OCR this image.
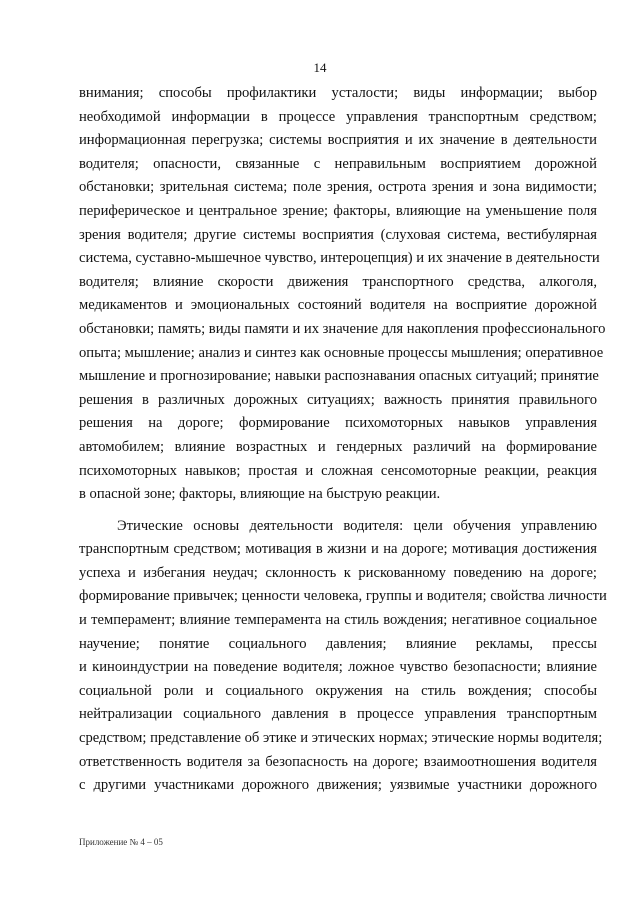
14
внимания; способы профилактики усталости; виды информации; выбор
необходимой информации в процессе управления транспортным средством;
информационная перегрузка; системы восприятия и их значение в деятельности
водителя; опасности, связанные с неправильным восприятием дорожной
обстановки; зрительная система; поле зрения, острота зрения и зона видимости;
периферическое и центральное зрение; факторы, влияющие на уменьшение поля
зрения водителя; другие системы восприятия (слуховая система, вестибулярная
система, суставно-мышечное чувство, интероцепция) и их значение в деятельности
водителя; влияние скорости движения транспортного средства, алкоголя,
медикаментов и эмоциональных состояний водителя на восприятие дорожной
обстановки; память; виды памяти и их значение для накопления профессионального
опыта; мышление; анализ и синтез как основные процессы мышления; оперативное
мышление и прогнозирование; навыки распознавания опасных ситуаций; принятие
решения в различных дорожных ситуациях; важность принятия правильного
решения на дороге; формирование психомоторных навыков управления
автомобилем; влияние возрастных и гендерных различий на формирование
психомоторных навыков; простая и сложная сенсомоторные реакции, реакция
в опасной зоне; факторы, влияющие на быструю реакции.
Этические основы деятельности водителя: цели обучения управлению
транспортным средством; мотивация в жизни и на дороге; мотивация достижения
успеха и избегания неудач; склонность к рискованному поведению на дороге;
формирование привычек; ценности человека, группы и водителя; свойства личности
и темперамент; влияние темперамента на стиль вождения; негативное социальное
научение; понятие социального давления; влияние рекламы, прессы
и киноиндустрии на поведение водителя; ложное чувство безопасности; влияние
социальной роли и социального окружения на стиль вождения; способы
нейтрализации социального давления в процессе управления транспортным
средством; представление об этике и этических нормах; этические нормы водителя;
ответственность водителя за безопасность на дороге; взаимоотношения водителя
с другими участниками дорожного движения; уязвимые участники дорожного
Приложение № 4 – 05
